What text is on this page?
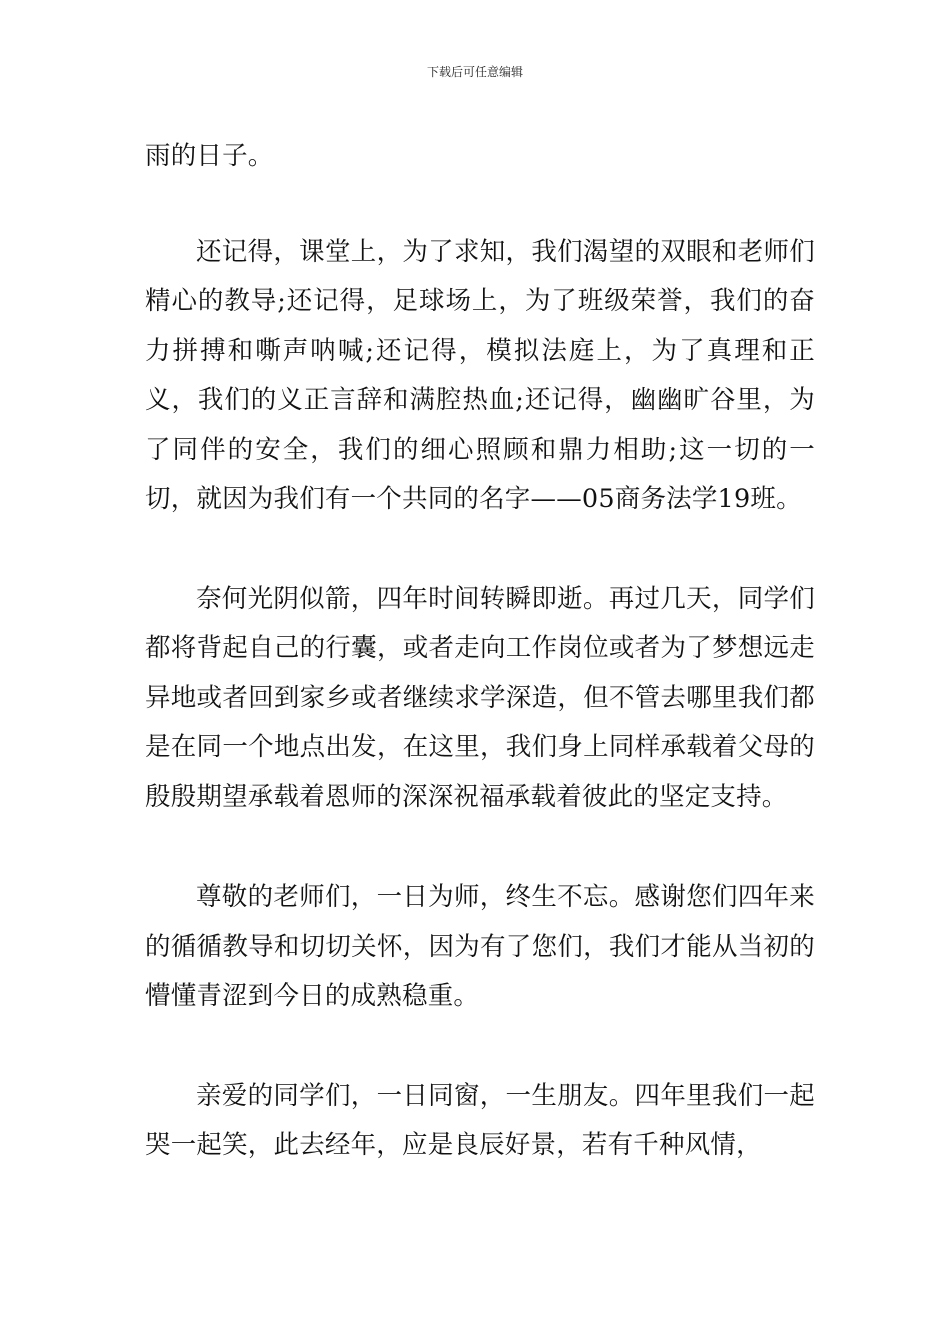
下载后可任意编辑

雨的日子。

还记得，课堂上，为了求知，我们渴望的双眼和老师们精心的教导;还记得，足球场上，为了班级荣誉，我们的奋力拼搏和嘶声呐喊;还记得，模拟法庭上，为了真理和正义，我们的义正言辞和满腔热血;还记得，幽幽旷谷里，为了同伴的安全，我们的细心照顾和鼎力相助;这一切的一切，就因为我们有一个共同的名字——05商务法学19班。

奈何光阴似箭，四年时间转瞬即逝。再过几天，同学们都将背起自己的行囊，或者走向工作岗位或者为了梦想远走异地或者回到家乡或者继续求学深造，但不管去哪里我们都是在同一个地点出发，在这里，我们身上同样承载着父母的殷殷期望承载着恩师的深深祝福承载着彼此的坚定支持。

尊敬的老师们，一日为师，终生不忘。感谢您们四年来的循循教导和切切关怀，因为有了您们，我们才能从当初的懵懂青涩到今日的成熟稳重。

亲爱的同学们，一日同窗，一生朋友。四年里我们一起哭一起笑，此去经年，应是良辰好景，若有千种风情，
